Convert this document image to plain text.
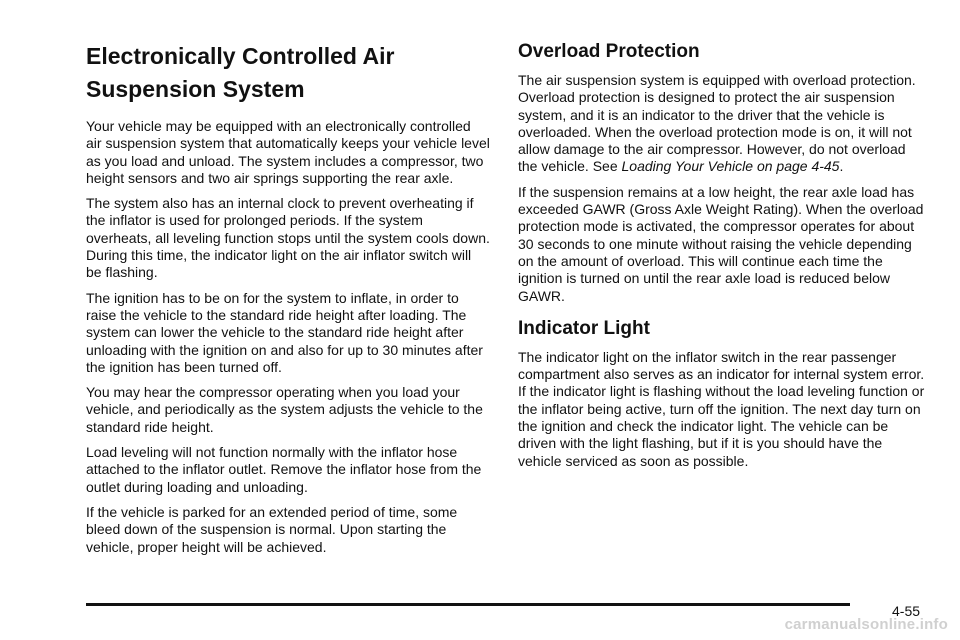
Electronically Controlled Air Suspension System

Your vehicle may be equipped with an electronically controlled air suspension system that automatically keeps your vehicle level as you load and unload. The system includes a compressor, two height sensors and two air springs supporting the rear axle.

The system also has an internal clock to prevent overheating if the inflator is used for prolonged periods. If the system overheats, all leveling function stops until the system cools down. During this time, the indicator light on the air inflator switch will be flashing.

The ignition has to be on for the system to inflate, in order to raise the vehicle to the standard ride height after loading. The system can lower the vehicle to the standard ride height after unloading with the ignition on and also for up to 30 minutes after the ignition has been turned off.

You may hear the compressor operating when you load your vehicle, and periodically as the system adjusts the vehicle to the standard ride height.

Load leveling will not function normally with the inflator hose attached to the inflator outlet. Remove the inflator hose from the outlet during loading and unloading.

If the vehicle is parked for an extended period of time, some bleed down of the suspension is normal. Upon starting the vehicle, proper height will be achieved.

Overload Protection

The air suspension system is equipped with overload protection. Overload protection is designed to protect the air suspension system, and it is an indicator to the driver that the vehicle is overloaded. When the overload protection mode is on, it will not allow damage to the air compressor. However, do not overload the vehicle. See Loading Your Vehicle on page 4-45.

If the suspension remains at a low height, the rear axle load has exceeded GAWR (Gross Axle Weight Rating). When the overload protection mode is activated, the compressor operates for about 30 seconds to one minute without raising the vehicle depending on the amount of overload. This will continue each time the ignition is turned on until the rear axle load is reduced below GAWR.

Indicator Light

The indicator light on the inflator switch in the rear passenger compartment also serves as an indicator for internal system error. If the indicator light is flashing without the load leveling function or the inflator being active, turn off the ignition. The next day turn on the ignition and check the indicator light. The vehicle can be driven with the light flashing, but if it is you should have the vehicle serviced as soon as possible.

4-55
carmanualsonline.info
